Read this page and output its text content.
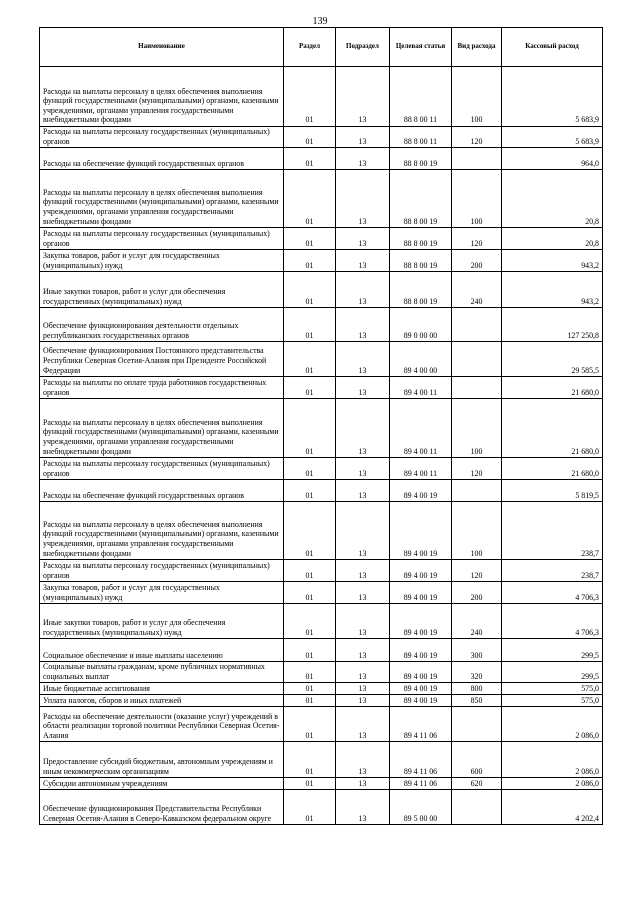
139
Наименование	Раздел	Подраздел	Целевая статья	Вид расхода	Кассовый расход
Расходы на выплаты персоналу в целях обеспечения выполнения функций государственными (муниципальными) органами, казенными учреждениями, органами управления государственными внебюджетными фондами	01	13	88 8 00 11	100	5 683,9
Расходы на выплаты персоналу государственных (муниципальных) органов	01	13	88 8 00 11	120	5 683,9
Расходы на обеспечение функций государственных органов	01	13	88 8 00 19		964,0
Расходы на выплаты персоналу в целях обеспечения выполнения функций государственными (муниципальными) органами, казенными учреждениями, органами управления государственными внебюджетными фондами	01	13	88 8 00 19	100	20,8
Расходы на выплаты персоналу государственных (муниципальных) органов	01	13	88 8 00 19	120	20,8
Закупка товаров, работ и услуг для государственных (муниципальных) нужд	01	13	88 8 00 19	200	943,2
Иные закупки товаров, работ и услуг для обеспечения государственных (муниципальных) нужд	01	13	88 8 00 19	240	943,2
Обеспечение функционирования деятельности отдельных республиканских государственных органов	01	13	89 0 00 00		127 250,8
Обеспечение функционирования Постоянного представительства Республики Северная Осетия-Алания при Президенте Российской Федерации	01	13	89 4 00 00		29 585,5
Расходы на выплаты по оплате труда работников государственных органов	01	13	89 4 00 11		21 680,0
Расходы на выплаты персоналу в целях обеспечения выполнения функций государственными (муниципальными) органами, казенными учреждениями, органами управления государственными внебюджетными фондами	01	13	89 4 00 11	100	21 680,0
Расходы на выплаты персоналу государственных (муниципальных) органов	01	13	89 4 00 11	120	21 680,0
Расходы на обеспечение функций государственных органов	01	13	89 4 00 19		5 819,5
Расходы на выплаты персоналу в целях обеспечения выполнения функций государственными (муниципальными) органами, казенными учреждениями, органами управления государственными внебюджетными фондами	01	13	89 4 00 19	100	238,7
Расходы на выплаты персоналу государственных (муниципальных) органов	01	13	89 4 00 19	120	238,7
Закупка товаров, работ и услуг для государственных (муниципальных) нужд	01	13	89 4 00 19	200	4 706,3
Иные закупки товаров, работ и услуг для обеспечения государственных (муниципальных) нужд	01	13	89 4 00 19	240	4 706,3
Социальное обеспечение и иные выплаты населению	01	13	89 4 00 19	300	299,5
Социальные выплаты гражданам, кроме публичных нормативных социальных выплат	01	13	89 4 00 19	320	299,5
Иные бюджетные ассигнования	01	13	89 4 00 19	800	575,0
Уплата налогов, сборов и иных платежей	01	13	89 4 00 19	850	575,0
Расходы на обеспечение деятельности (оказание услуг) учреждений в области реализации торговой политики Республики Северная Осетия-Алания	01	13	89 4 11 06		2 086,0
Предоставление субсидий бюджетным, автономным учреждениям и иным некоммерческим организациям	01	13	89 4 11 06	600	2 086,0
Субсидии автономным учреждениям	01	13	89 4 11 06	620	2 086,0
Обеспечение функционирования Представительства Республики Северная Осетия-Алания в Северо-Кавказском федеральном округе	01	13	89 5 00 00		4 202,4
